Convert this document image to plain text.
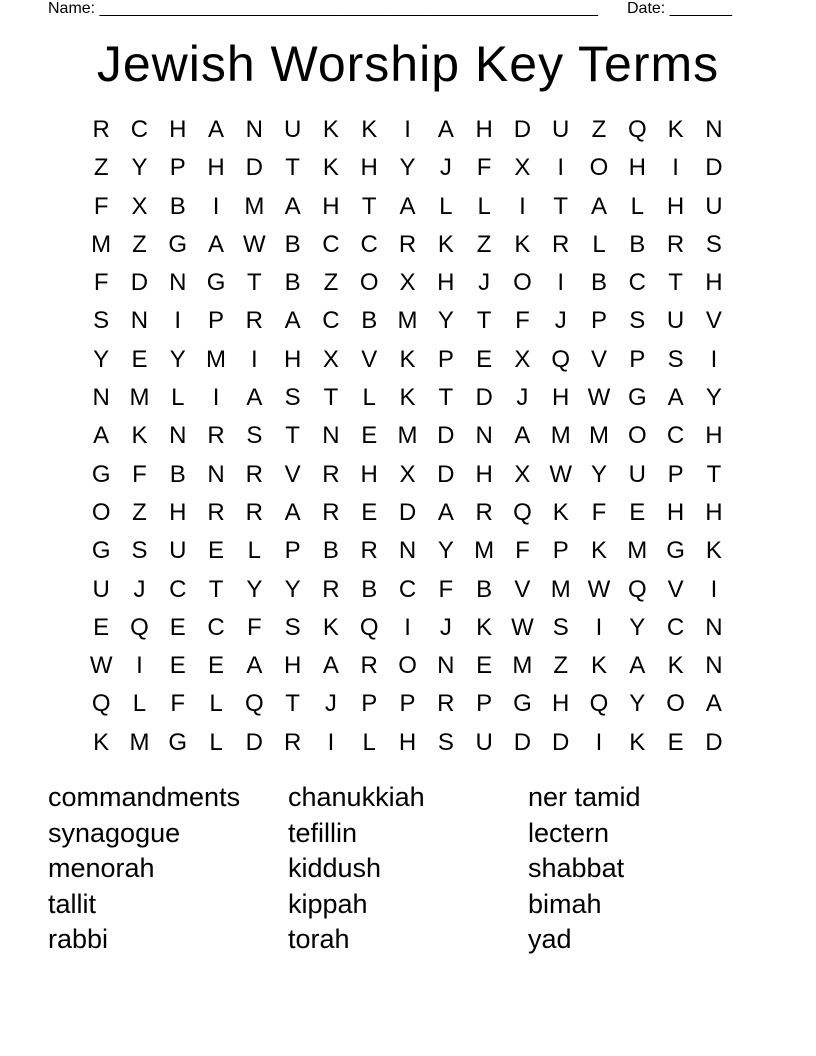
Name: ________________________________________________________ Date: _______
Jewish Worship Key Terms
R C H A N U K K	I	A H D U Z Q K N
Z Y P H D T K H Y	J	F X	I	O H	I	D
F X B	I	M A H T A L	L	I	T A L H U
M Z G A W B C C R K Z K R L B R S
F D N G T B Z O X H J O	I	B C T H
S N	I	P R A C B M Y T F	J	P S U V
Y E Y M	I	H X V K P E X Q V P S	I
N M L	I	A S T	L K T D J H W G A Y
A K N R S T N E M D N A M M O C H
G F B N R V R H X D H X W Y U P T
O Z H R R A R E D A R Q K F E H H
G S U E L P B R N Y M F P K M G K
U J C T Y Y R B C F B V M W Q V	I
E Q E C F S K Q	I	J	K W S	I	Y C N
W I	E E A H A R O N E M Z K A K N
Q L	F	L Q T	J	P P R P G H Q Y O A
K M G L D R	I	L H S U D D	I	K E D
commandments	chanukkiah	ner tamid
synagogue	tefillin	lectern
menorah	kiddush	shabbat
tallit	kippah	bimah
rabbi	torah	yad
